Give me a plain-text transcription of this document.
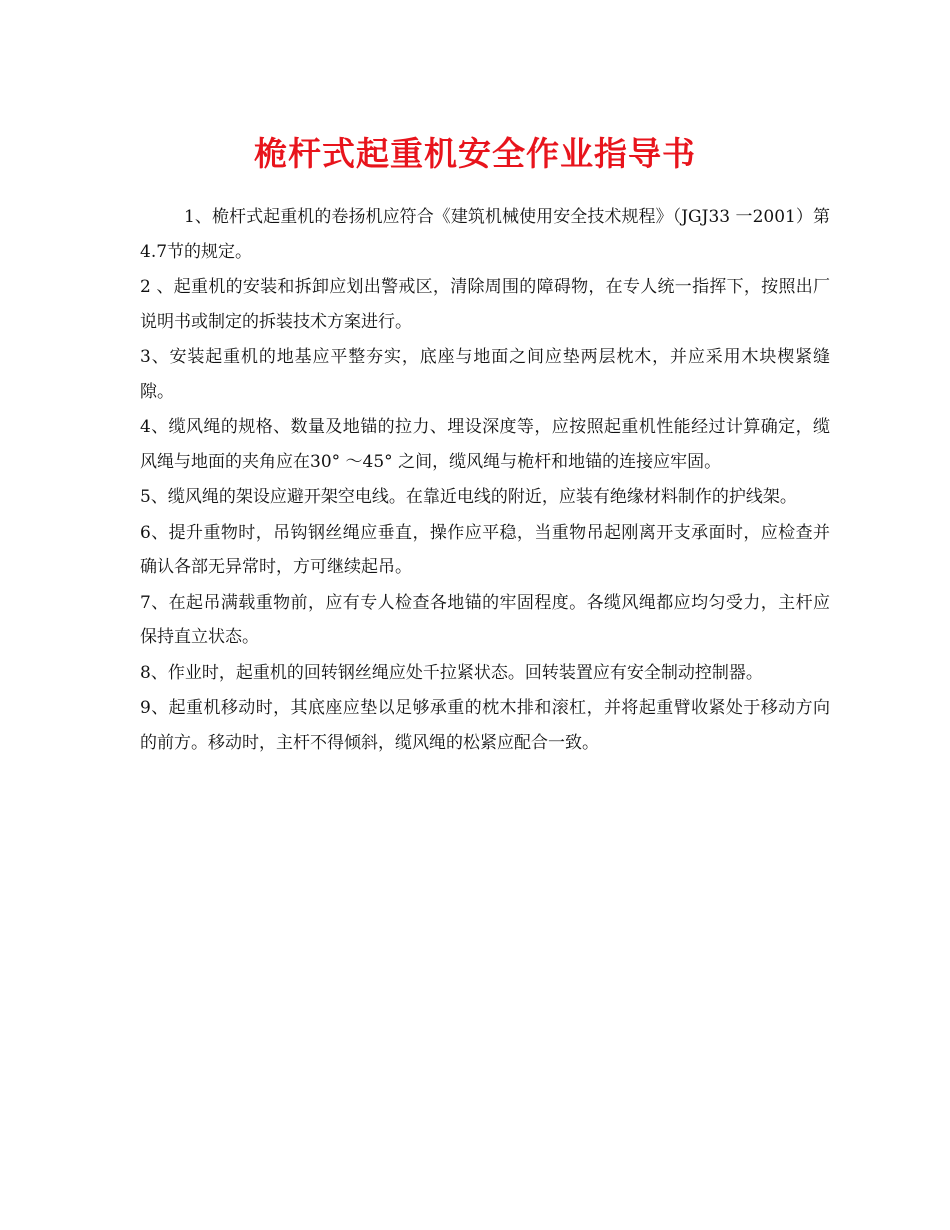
桅杆式起重机安全作业指导书

1、桅杆式起重机的卷扬机应符合《建筑机械使用安全技术规程》（JGJ33 一2001）第4.7节的规定。

2 、起重机的安装和拆卸应划出警戒区，清除周围的障碍物，在专人统一指挥下，按照出厂说明书或制定的拆装技术方案进行。

3、安装起重机的地基应平整夯实，底座与地面之间应垫两层枕木，并应采用木块楔紧缝隙。

4、缆风绳的规格、数量及地锚的拉力、埋设深度等，应按照起重机性能经过计算确定，缆风绳与地面的夹角应在30° ～45° 之间，缆风绳与桅杆和地锚的连接应牢固。

5、缆风绳的架设应避开架空电线。在靠近电线的附近，应装有绝缘材料制作的护线架。

6、提升重物时，吊钩钢丝绳应垂直，操作应平稳，当重物吊起刚离开支承面时，应检查并确认各部无异常时，方可继续起吊。

7、在起吊满载重物前，应有专人检查各地锚的牢固程度。各缆风绳都应均匀受力，主杆应保持直立状态。

8、作业时，起重机的回转钢丝绳应处千拉紧状态。回转装置应有安全制动控制器。

9、起重机移动时，其底座应垫以足够承重的枕木排和滚杠，并将起重臂收紧处于移动方向的前方。移动时，主杆不得倾斜，缆风绳的松紧应配合一致。
